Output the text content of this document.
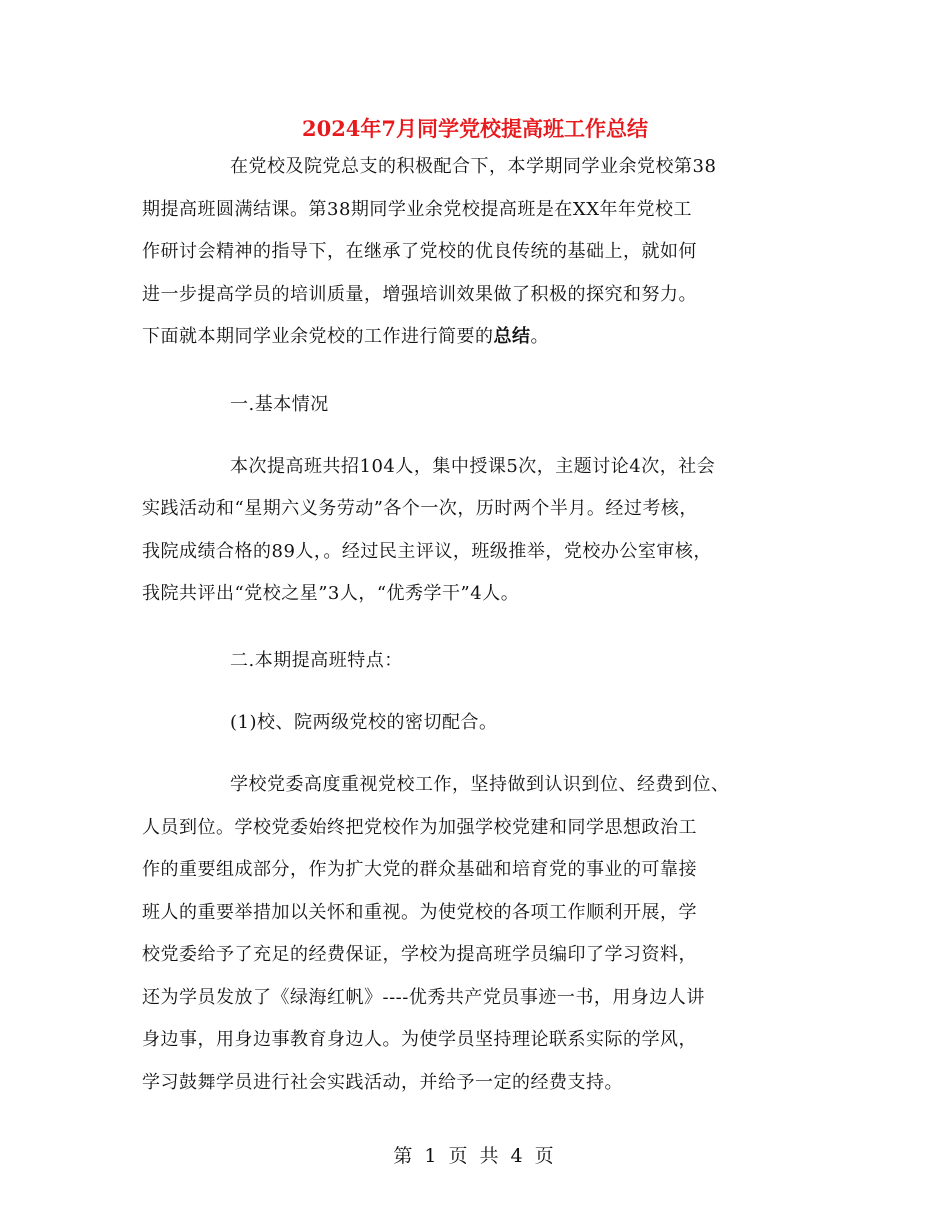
2024年7月同学党校提高班工作总结
在党校及院党总支的积极配合下，本学期同学业余党校第38
期提高班圆满结课。第38期同学业余党校提高班是在XX年年党校工
作研讨会精神的指导下，在继承了党校的优良传统的基础上，就如何
进一步提高学员的培训质量，增强培训效果做了积极的探究和努力。
下面就本期同学业余党校的工作进行简要的总结。
一.基本情况
本次提高班共招104人，集中授课5次，主题讨论4次，社会
实践活动和“星期六义务劳动”各个一次，历时两个半月。经过考核，
我院成绩合格的89人，。经过民主评议，班级推举，党校办公室审核，
我院共评出“党校之星”3人，“优秀学干”4人。
二.本期提高班特点：
(1)校、院两级党校的密切配合。
学校党委高度重视党校工作，坚持做到认识到位、经费到位、
人员到位。学校党委始终把党校作为加强学校党建和同学思想政治工
作的重要组成部分，作为扩大党的群众基础和培育党的事业的可靠接
班人的重要举措加以关怀和重视。为使党校的各项工作顺利开展，学
校党委给予了充足的经费保证，学校为提高班学员编印了学习资料，
还为学员发放了《绿海红帆》----优秀共产党员事迹一书，用身边人讲
身边事，用身边事教育身边人。为使学员坚持理论联系实际的学风，
学习鼓舞学员进行社会实践活动，并给予一定的经费支持。
第 1 页 共 4 页
